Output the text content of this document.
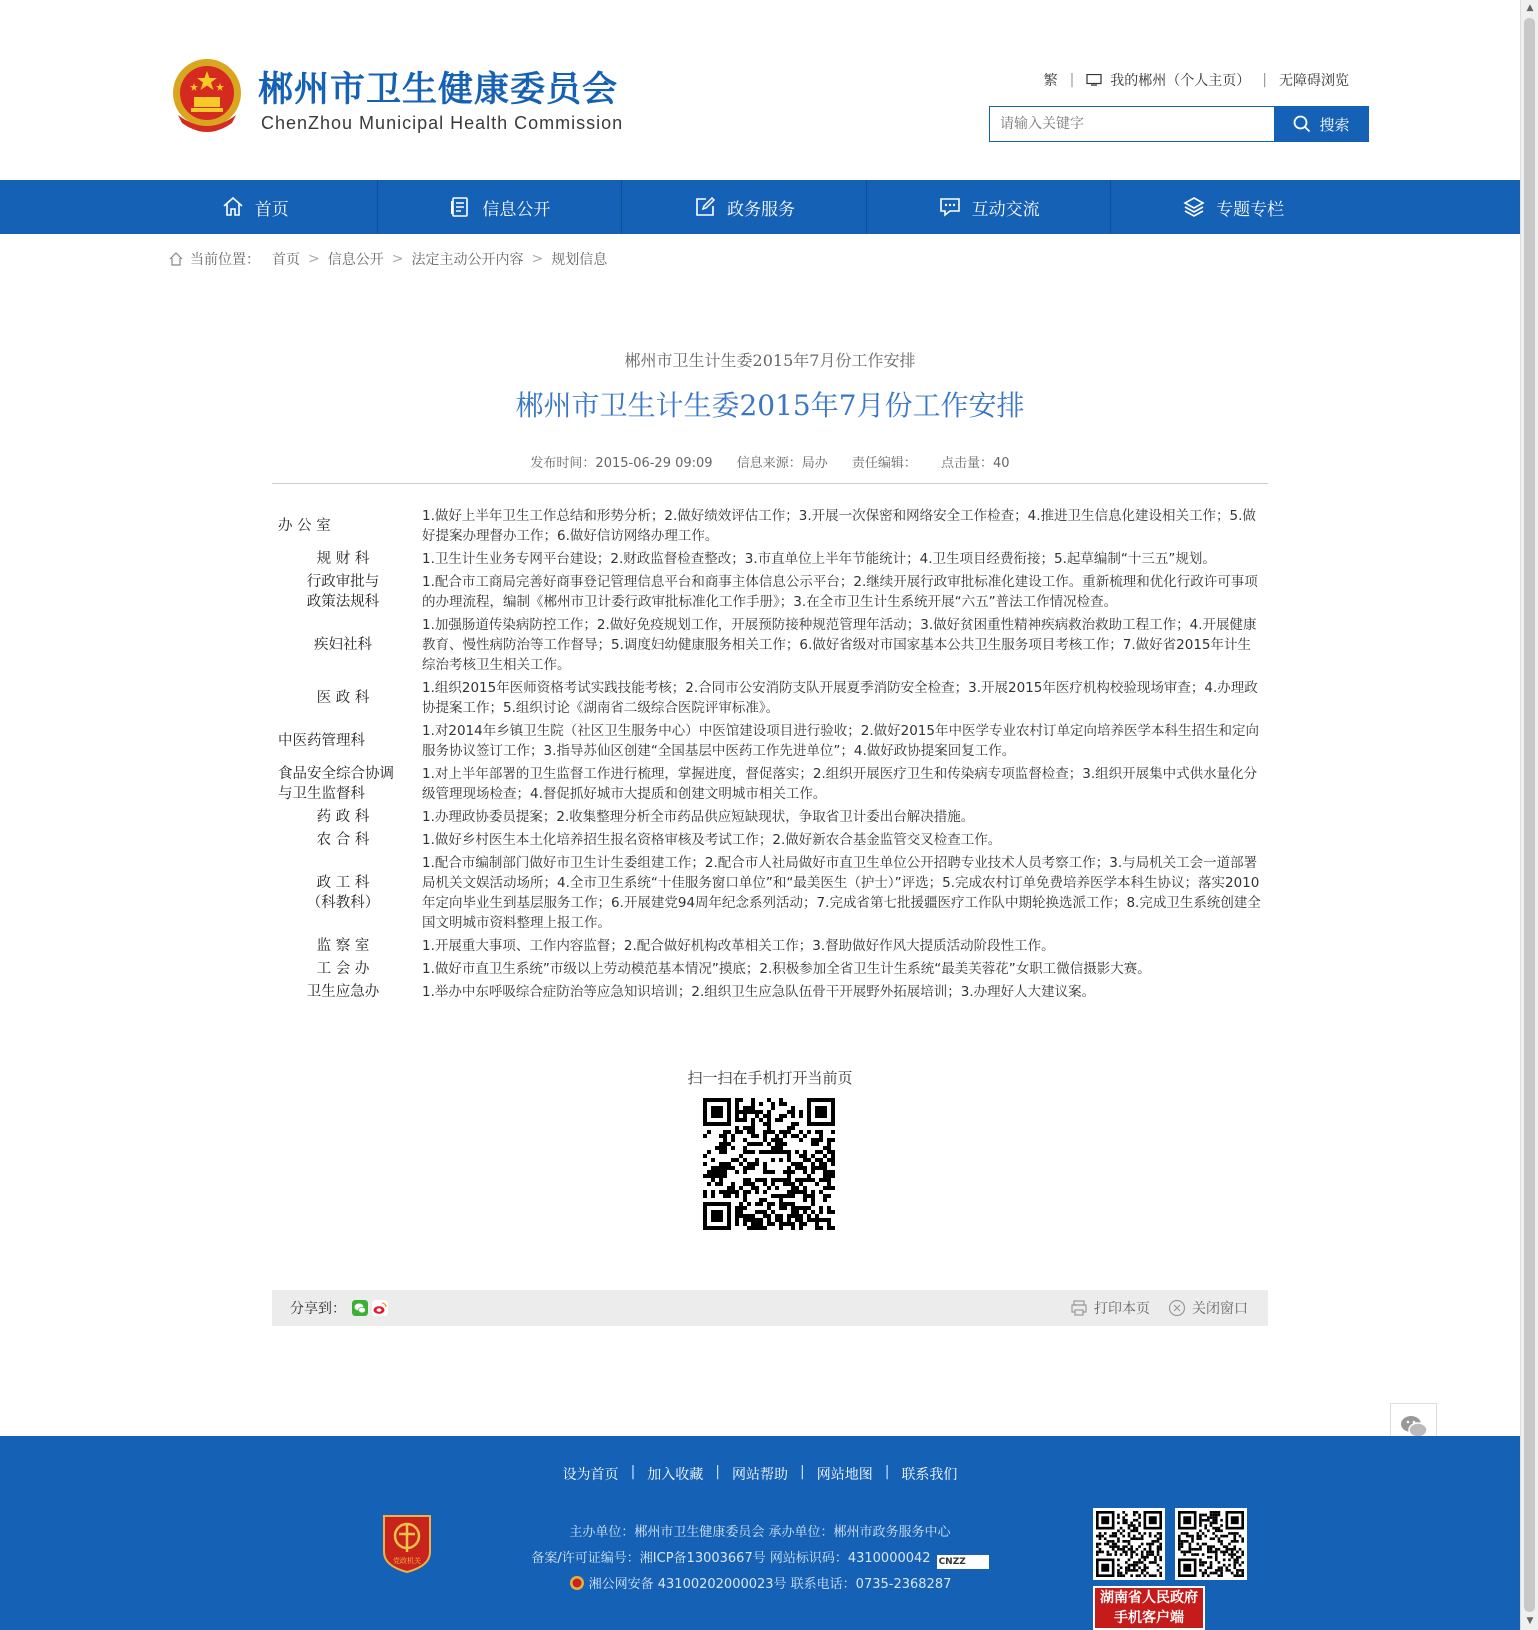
郴州市卫生健康委员会
ChenZhou Municipal Health Commission
繁 |	我的郴州（个人主页） | 无障碍浏览
请输入关键字
搜索
首页	信息公开	政务服务	互动交流	专题专栏
当前位置： 首页 > 信息公开 > 法定主动公开内容 > 规划信息
郴州市卫生计生委2015年7月份工作安排
郴州市卫生计生委2015年7月份工作安排
发布时间：2015-06-29 09:09 信息来源：局办 责任编辑： 点击量：40
办 公 室	1.做好上半年卫生工作总结和形势分析；2.做好绩效评估工作；3.开展一次保密和网络安全工作检查；4.推进卫生信息化建设相关工作；5.做好提案办理督办工作；6.做好信访网络办理工作。
规 财 科	1.卫生计生业务专网平台建设；2.财政监督检查整改；3.市直单位上半年节能统计；4.卫生项目经费衔接；5.起草编制“十三五”规划。
行政审批与
政策法规科	1.配合市工商局完善好商事登记管理信息平台和商事主体信息公示平台；2.继续开展行政审批标准化建设工作。重新梳理和优化行政许可事项的办理流程，编制《郴州市卫计委行政审批标准化工作手册》；3.在全市卫生计生系统开展“六五”普法工作情况检查。
疾妇社科	1.加强肠道传染病防控工作；2.做好免疫规划工作，开展预防接种规范管理年活动；3.做好贫困重性精神疾病救治救助工程工作；4.开展健康教育、慢性病防治等工作督导；5.调度妇幼健康服务相关工作；6.做好省级对市国家基本公共卫生服务项目考核工作；7.做好省2015年计生综治考核卫生相关工作。
医 政 科	1.组织2015年医师资格考试实践技能考核；2.合同市公安消防支队开展夏季消防安全检查；3.开展2015年医疗机构校验现场审查；4.办理政协提案工作；5.组织讨论《湖南省二级综合医院评审标准》。
中医药管理科	1.对2014年乡镇卫生院（社区卫生服务中心）中医馆建设项目进行验收；2.做好2015年中医学专业农村订单定向培养医学本科生招生和定向服务协议签订工作；3.指导苏仙区创建“全国基层中医药工作先进单位”；4.做好政协提案回复工作。
食品安全综合协调
与卫生监督科	1.对上半年部署的卫生监督工作进行梳理，掌握进度，督促落实；2.组织开展医疗卫生和传染病专项监督检查；3.组织开展集中式供水量化分级管理现场检查；4.督促抓好城市大提质和创建文明城市相关工作。
药 政 科	1.办理政协委员提案；2.收集整理分析全市药品供应短缺现状，争取省卫计委出台解决措施。
农 合 科	1.做好乡村医生本土化培养招生报名资格审核及考试工作；2.做好新农合基金监管交叉检查工作。
政 工 科
（科教科）	1.配合市编制部门做好市卫生计生委组建工作；2.配合市人社局做好市直卫生单位公开招聘专业技术人员考察工作；3.与局机关工会一道部署局机关文娱活动场所；4.全市卫生系统“十佳服务窗口单位”和“最美医生（护士）”评选；5.完成农村订单免费培养医学本科生协议；落实2010年定向毕业生到基层服务工作；6.开展建党94周年纪念系列活动；7.完成省第七批援疆医疗工作队中期轮换选派工作；8.完成卫生系统创建全国文明城市资料整理上报工作。
监 察 室	1.开展重大事项、工作内容监督；2.配合做好机构改革相关工作；3.督助做好作风大提质活动阶段性工作。
工 会 办	1.做好市直卫生系统”市级以上劳动模范基本情况”摸底；2.积极参加全省卫生计生系统“最美芙蓉花”女职工微信摄影大赛。
卫生应急办	1.举办中东呼吸综合症防治等应急知识培训；2.组织卫生应急队伍骨干开展野外拓展培训；3.办理好人大建议案。
扫一扫在手机打开当前页
分享到：	打印本页	关闭窗口
设为首页 | 加入收藏 | 网站帮助 | 网站地图 | 联系我们
党政机关
主办单位：郴州市卫生健康委员会 承办单位：郴州市政务服务中心
备案/许可证编号：湘ICP备13003667号 网站标识码：4310000042 CNZZ
湘公网安备 43100202000023号 联系电话：0735-2368287
湖南省人民政府
手机客户端
▲
▼
